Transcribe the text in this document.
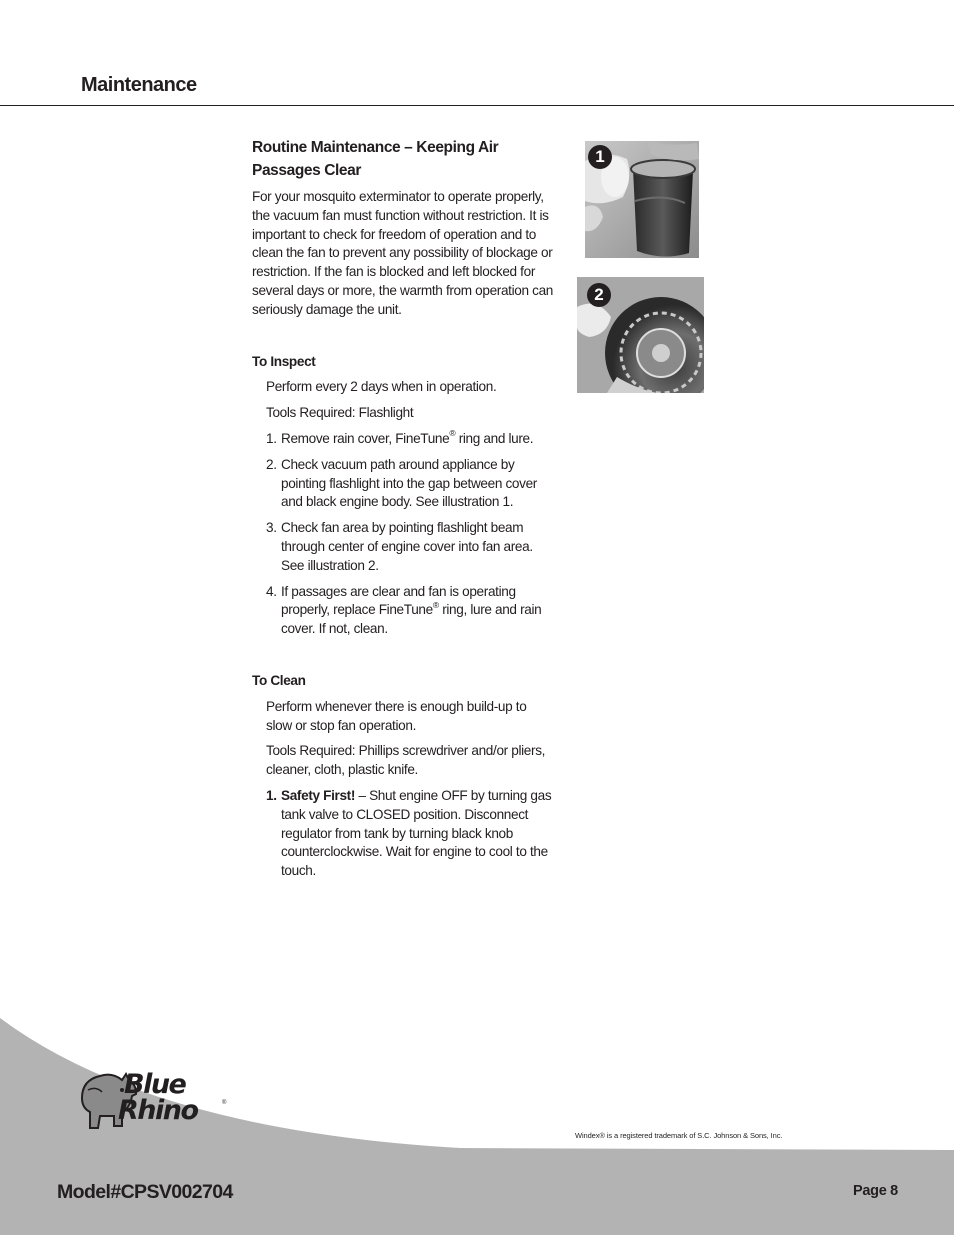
Maintenance
Routine Maintenance – Keeping Air Passages Clear

For your mosquito exterminator to operate properly, the vacuum fan must function without restriction. It is important to check for freedom of operation and to clean the fan to prevent any possibility of blockage or restriction. If the fan is blocked and left blocked for several days or more, the warmth from operation can seriously damage the unit.

To Inspect

Perform every 2 days when in operation.

Tools Required: Flashlight

1. Remove rain cover, FineTune® ring and lure.
2. Check vacuum path around appliance by pointing flashlight into the gap between cover and black engine body. See illustration 1.
3. Check fan area by pointing flashlight beam through center of engine cover into fan area. See illustration 2.
4. If passages are clear and fan is operating properly, replace FineTune® ring, lure and rain cover. If not, clean.
To Clean

Perform whenever there is enough build-up to slow or stop fan operation.

Tools Required: Phillips screwdriver and/or pliers, cleaner, cloth, plastic knife.

1. Safety First! – Shut engine OFF by turning gas tank valve to CLOSED position. Disconnect regulator from tank by turning black knob counterclockwise. Wait for engine to cool to the touch.
1
2
Blue
Rhino	®
Windex® is a registered trademark of S.C. Johnson & Sons, Inc.
Model#CPSV002704	Page 8
